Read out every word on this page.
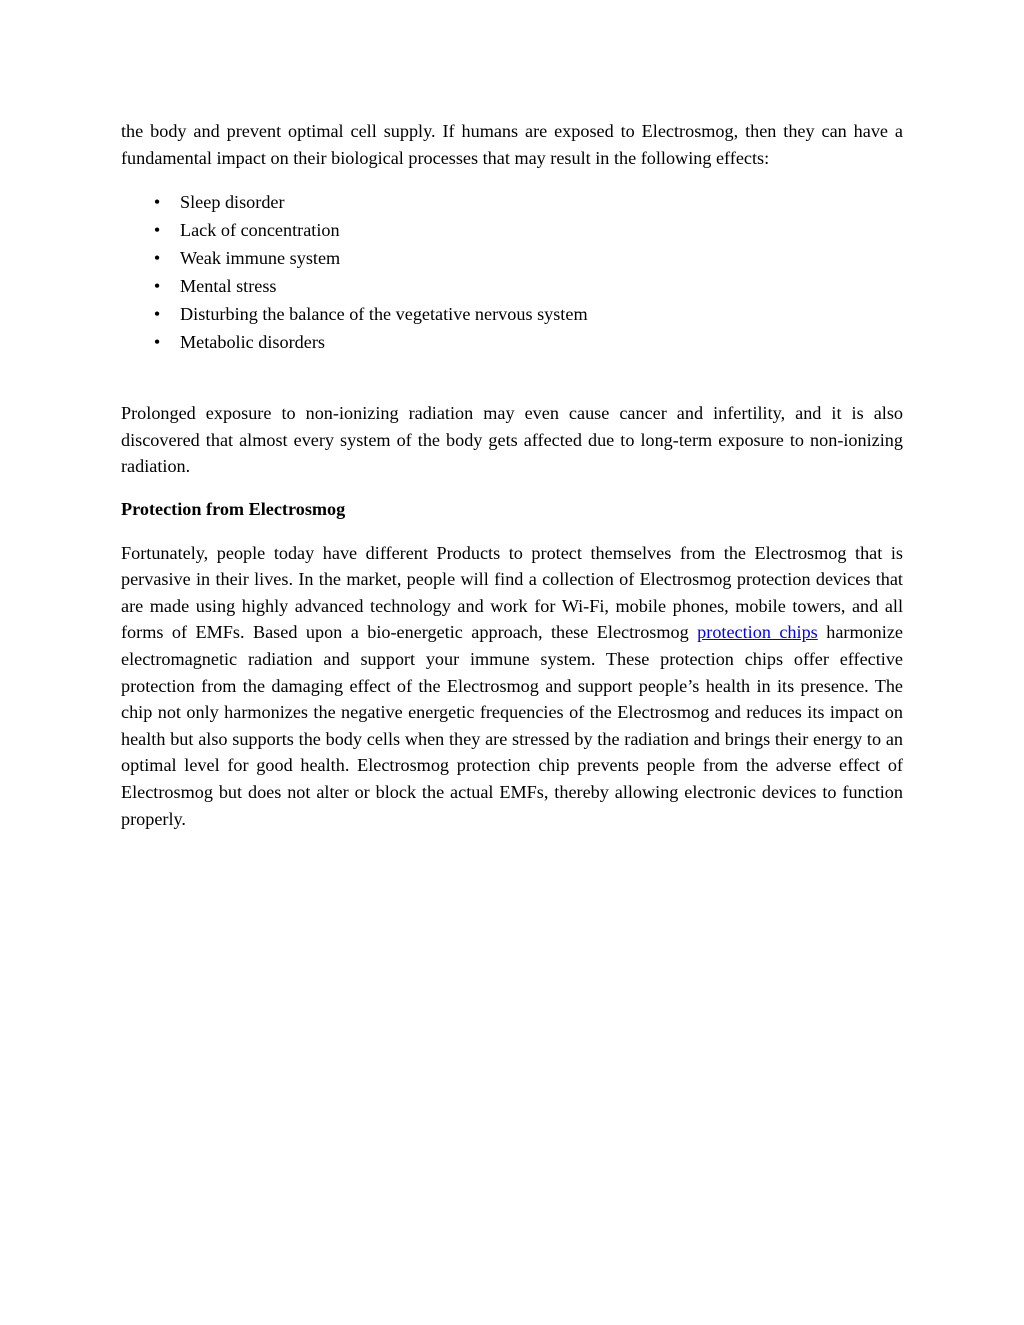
the body and prevent optimal cell supply. If humans are exposed to Electrosmog, then they can have a fundamental impact on their biological processes that may result in the following effects:

• Sleep disorder
• Lack of concentration
• Weak immune system
• Mental stress
• Disturbing the balance of the vegetative nervous system
• Metabolic disorders

Prolonged exposure to non-ionizing radiation may even cause cancer and infertility, and it is also discovered that almost every system of the body gets affected due to long-term exposure to non-ionizing radiation.

Protection from Electrosmog

Fortunately, people today have different Products to protect themselves from the Electrosmog that is pervasive in their lives. In the market, people will find a collection of Electrosmog protection devices that are made using highly advanced technology and work for Wi-Fi, mobile phones, mobile towers, and all forms of EMFs. Based upon a bio-energetic approach, these Electrosmog protection chips harmonize electromagnetic radiation and support your immune system. These protection chips offer effective protection from the damaging effect of the Electrosmog and support people’s health in its presence. The chip not only harmonizes the negative energetic frequencies of the Electrosmog and reduces its impact on health but also supports the body cells when they are stressed by the radiation and brings their energy to an optimal level for good health. Electrosmog protection chip prevents people from the adverse effect of Electrosmog but does not alter or block the actual EMFs, thereby allowing electronic devices to function properly.
